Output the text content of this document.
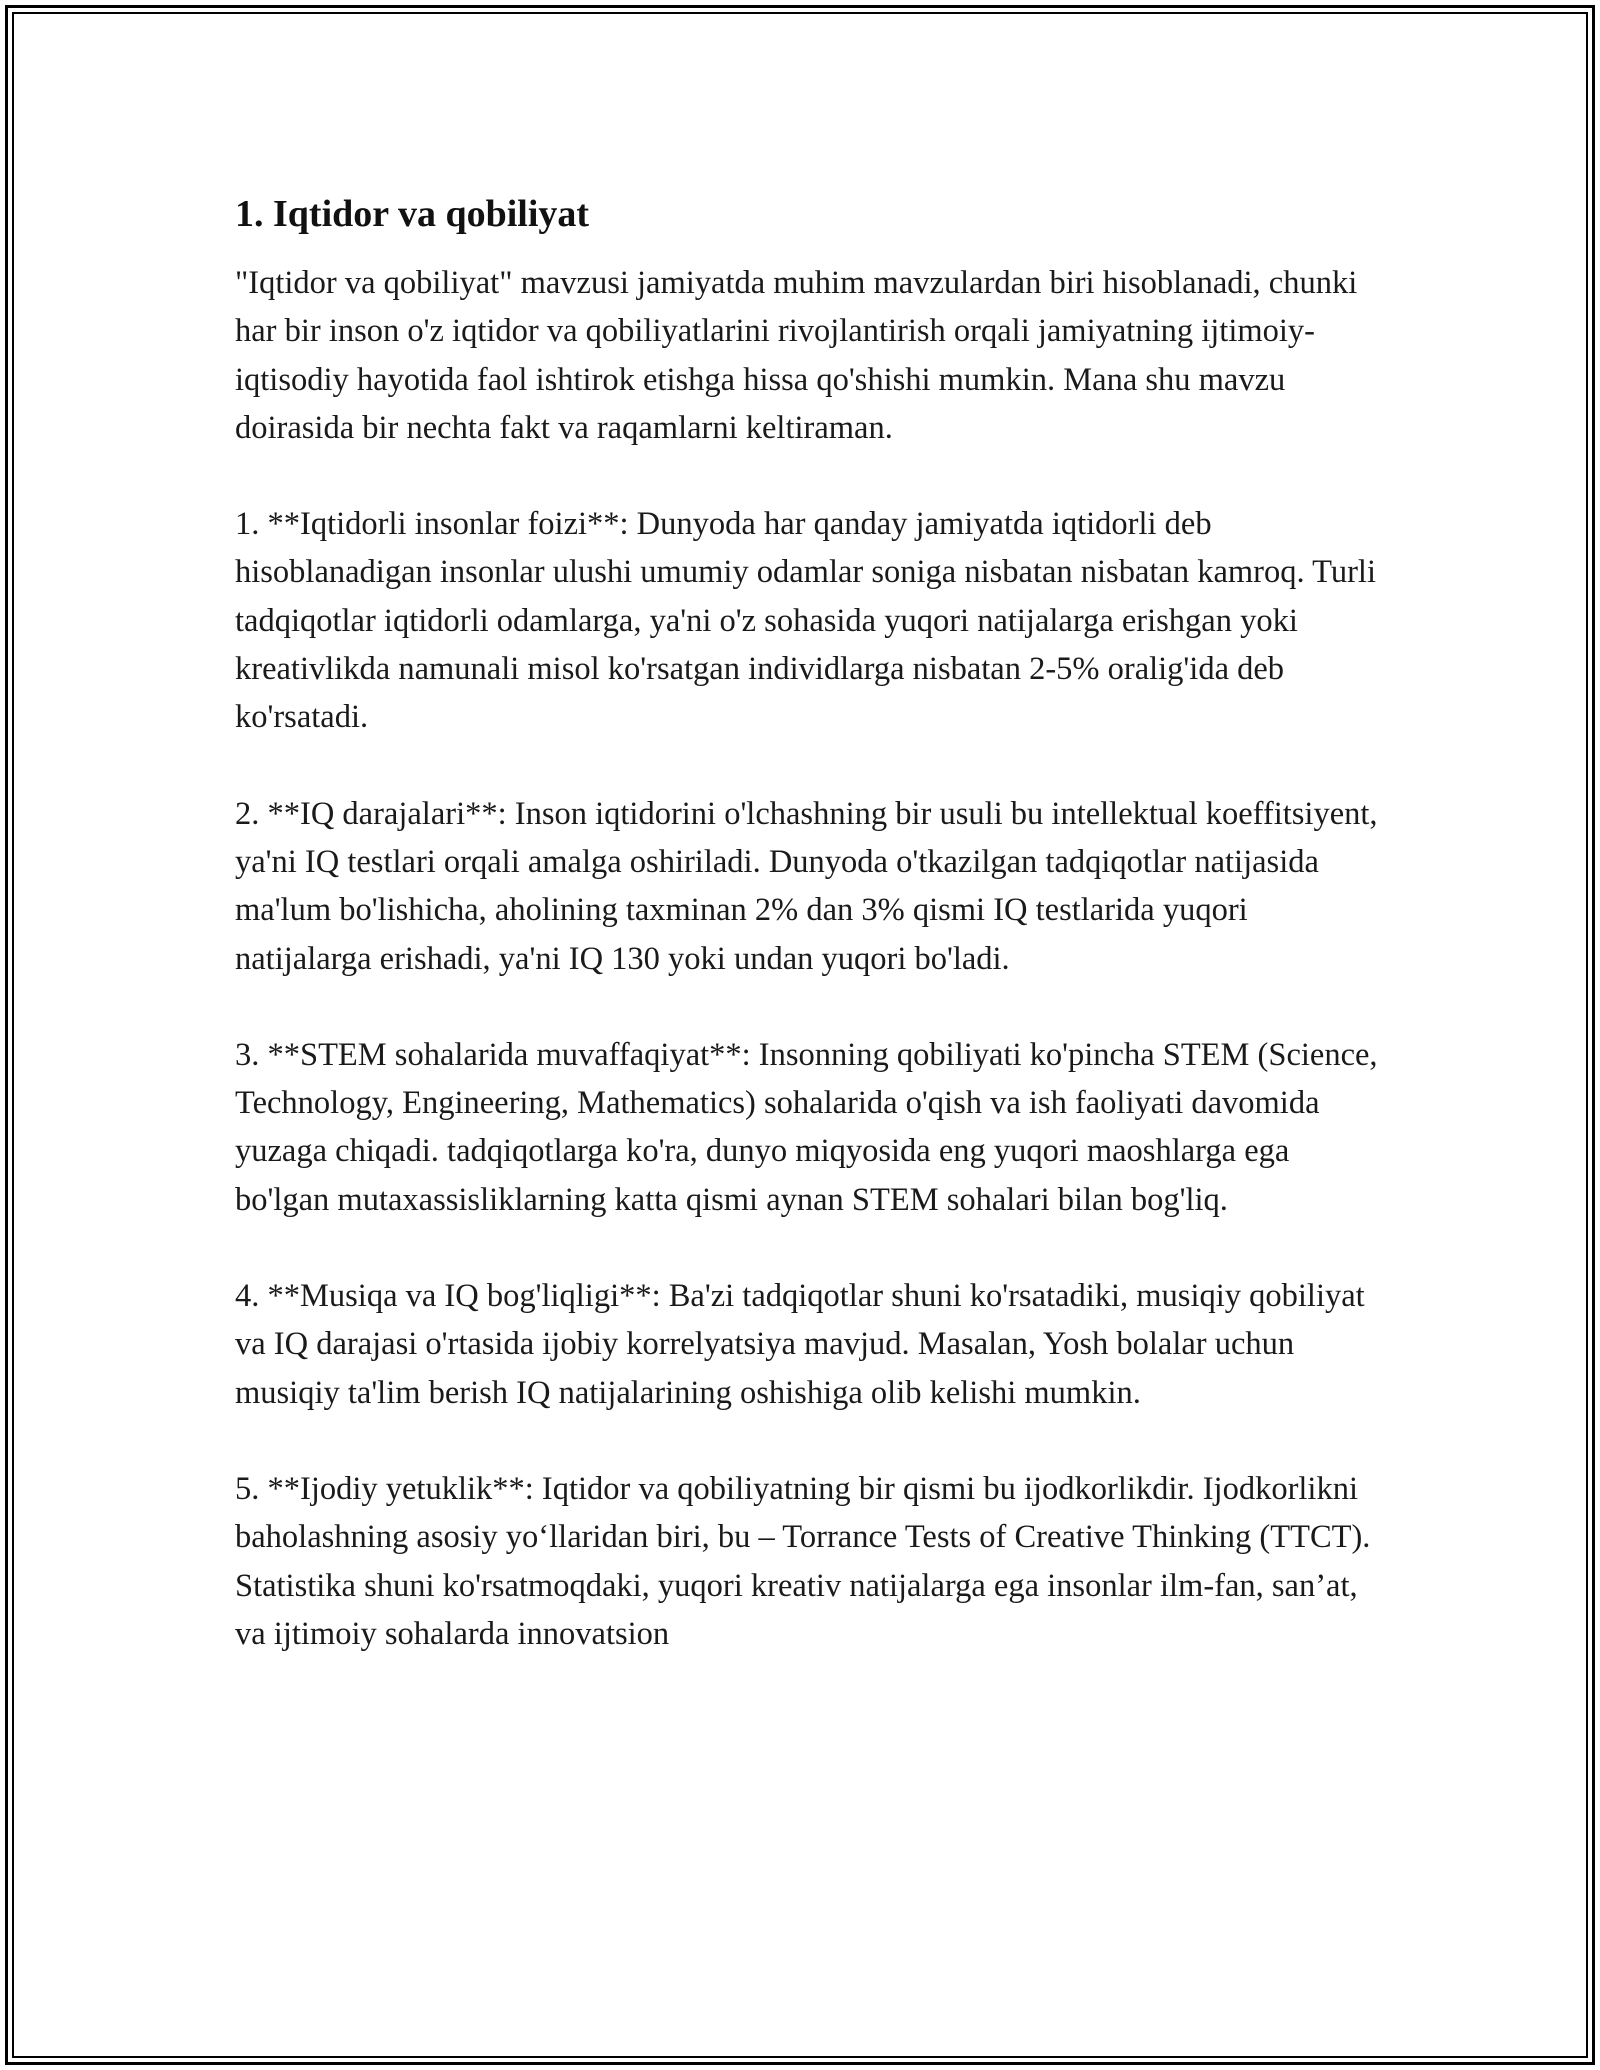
1. Iqtidor va qobiliyat

"Iqtidor va qobiliyat" mavzusi jamiyatda muhim mavzulardan biri hisoblanadi, chunki har bir inson o'z iqtidor va qobiliyatlarini rivojlantirish orqali jamiyatning ijtimoiy-iqtisodiy hayotida faol ishtirok etishga hissa qo'shishi mumkin. Mana shu mavzu doirasida bir nechta fakt va raqamlarni keltiraman.

1. **Iqtidorli insonlar foizi**: Dunyoda har qanday jamiyatda iqtidorli deb hisoblanadigan insonlar ulushi umumiy odamlar soniga nisbatan nisbatan kamroq. Turli tadqiqotlar iqtidorli odamlarga, ya'ni o'z sohasida yuqori natijalarga erishgan yoki kreativlikda namunali misol ko'rsatgan individlarga nisbatan 2-5% oralig'ida deb ko'rsatadi.

2. **IQ darajalari**: Inson iqtidorini o'lchashning bir usuli bu intellektual koeffitsiyent, ya'ni IQ testlari orqali amalga oshiriladi. Dunyoda o'tkazilgan tadqiqotlar natijasida ma'lum bo'lishicha, aholining taxminan 2% dan 3% qismi IQ testlarida yuqori natijalarga erishadi, ya'ni IQ 130 yoki undan yuqori bo'ladi.

3. **STEM sohalarida muvaffaqiyat**: Insonning qobiliyati ko'pincha STEM (Science, Technology, Engineering, Mathematics) sohalarida o'qish va ish faoliyati davomida yuzaga chiqadi. tadqiqotlarga ko'ra, dunyo miqyosida eng yuqori maoshlarga ega bo'lgan mutaxassisliklarning katta qismi aynan STEM sohalari bilan bog'liq.

4. **Musiqa va IQ bog'liqligi**: Ba'zi tadqiqotlar shuni ko'rsatadiki, musiqiy qobiliyat va IQ darajasi o'rtasida ijobiy korrelyatsiya mavjud. Masalan, Yosh bolalar uchun musiqiy ta'lim berish IQ natijalarining oshishiga olib kelishi mumkin.

5. **Ijodiy yetuklik**: Iqtidor va qobiliyatning bir qismi bu ijodkorlikdir. Ijodkorlikni baholashning asosiy yo‘llaridan biri, bu – Torrance Tests of Creative Thinking (TTCT). Statistika shuni ko'rsatmoqdaki, yuqori kreativ natijalarga ega insonlar ilm-fan, san’at, va ijtimoiy sohalarda innovatsion
